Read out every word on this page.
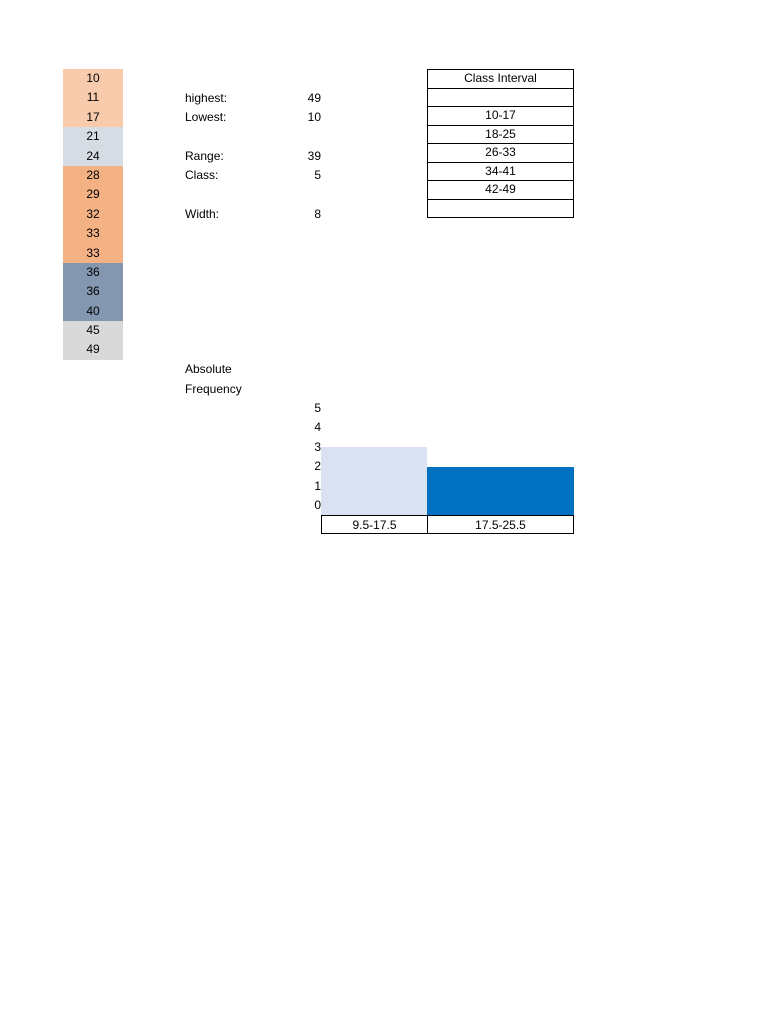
10
11
17
21
24
28
29
32
33
33
36
36
40
45
49
highest:	49
Lowest:	10
Range:	39
Class:	5
Width:	8
Class Interval

10-17
18-25
26-33
34-41
42-49

Absolute
Frequency
5
4
3
2
1
0
9.5-17.5	17.5-25.5
